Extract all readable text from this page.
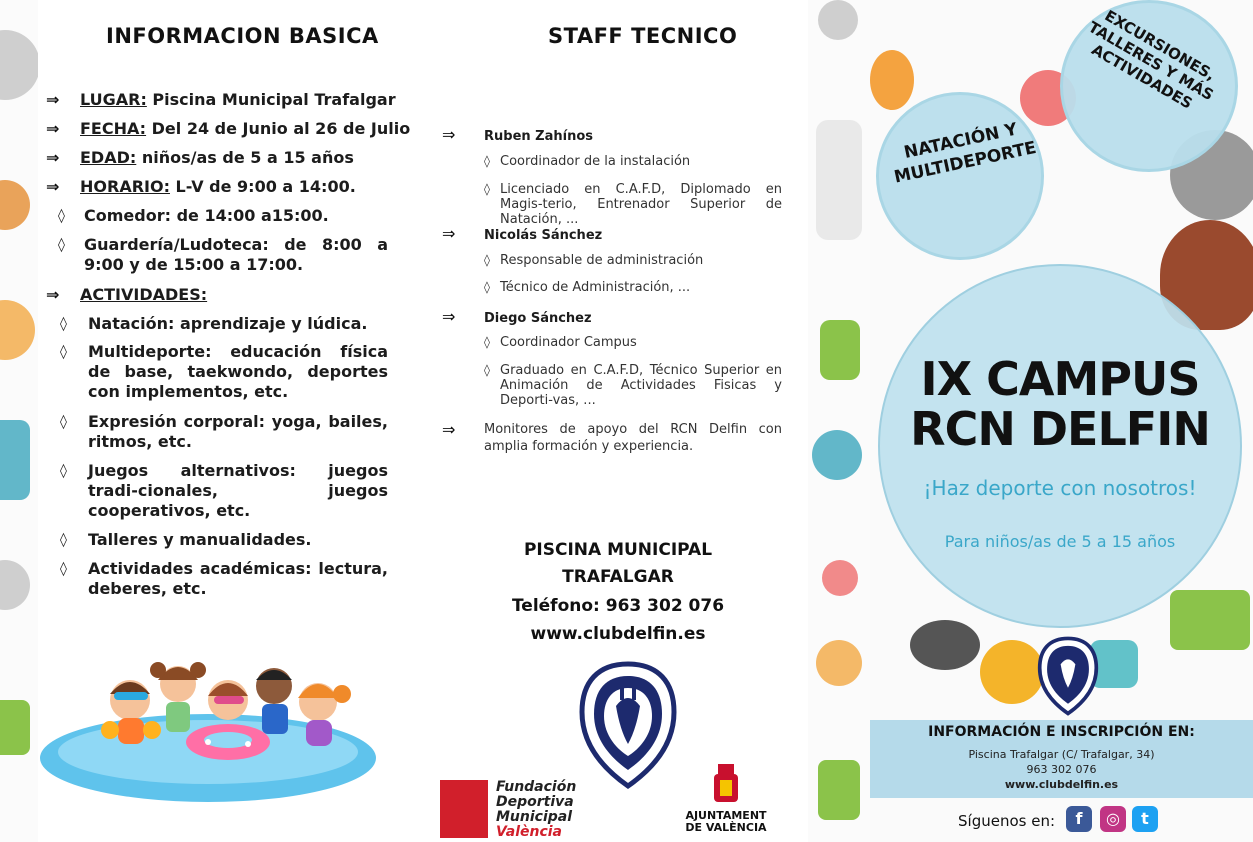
INFORMACION BASICA
⇒ LUGAR: Piscina Municipal Trafalgar
⇒ FECHA: Del 24 de Junio al 26 de Julio
⇒ EDAD: niños/as de 5 a 15 años
⇒ HORARIO: L-V de 9:00 a 14:00.
◊ Comedor: de 14:00 a15:00.
◊ Guardería/Ludoteca: de 8:00 a 9:00 y de 15:00 a 17:00.
⇒ ACTIVIDADES:
◊ Natación: aprendizaje y lúdica.
◊ Multideporte: educación física de base, taekwondo, deportes con implementos, etc.
◊ Expresión corporal: yoga, bailes, ritmos, etc.
◊ Juegos alternativos: juegos tradi-cionales, juegos cooperativos, etc.
◊ Talleres y manualidades.
◊ Actividades académicas: lectura, deberes, etc.
STAFF TECNICO
⇒ Ruben Zahínos
◊ Coordinador de la instalación
◊ Licenciado en C.A.F.D, Diplomado en Magis-terio, Entrenador Superior de Natación, ...
⇒ Nicolás Sánchez
◊ Responsable de administración
◊ Técnico de Administración, ...
⇒ Diego Sánchez
◊ Coordinador Campus
◊ Graduado en C.A.F.D, Técnico Superior en Animación de Actividades Fisicas y Deporti-vas, ...
⇒	Monitores de apoyo del RCN Delfin con amplia formación y experiencia.
PISCINA MUNICIPAL
TRAFALGAR
Teléfono: 963 302 076
www.clubdelfin.es
Fundación
Deportiva
Municipal
València
AJUNTAMENT
DE VALÈNCIA
EXCURSIONES, TALLERES Y MÁS ACTIVIDADES
NATACIÓN Y MULTIDEPORTE
IX CAMPUS
RCN DELFIN
¡Haz deporte con nosotros!
Para niños/as de 5 a 15 años
INFORMACIÓN E INSCRIPCIÓN EN:
Piscina Trafalgar (C/ Trafalgar, 34)
963 302 076
www.clubdelfin.es
Síguenos en:	f	◎	t
